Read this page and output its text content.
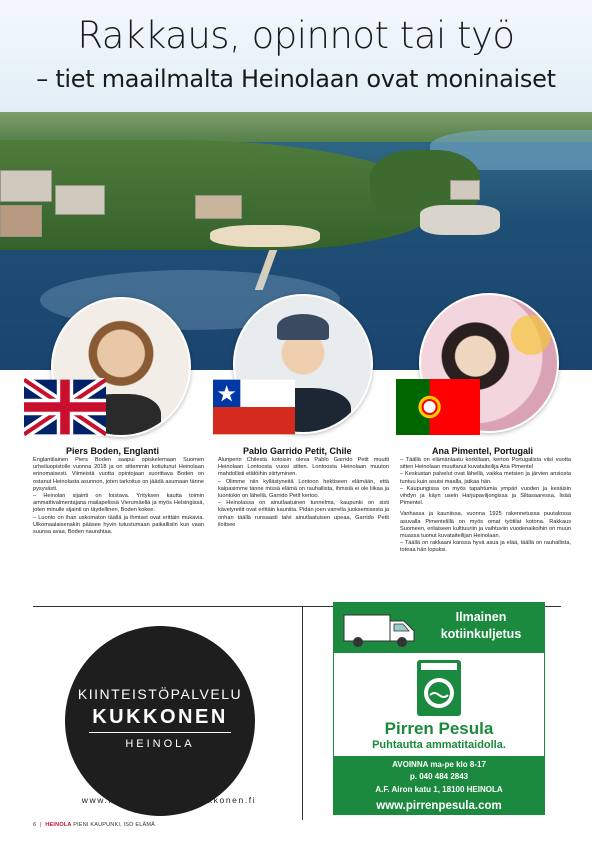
Rakkaus, opinnot tai työ
– tiet maailmalta Heinolaan ovat moninaiset
Piers Boden, Englanti	Pablo Garrido Petit, Chile	Ana Pimentel, Portugali

Englantilainen Piers Boden saapui opiskelemaan Suomen urheiluopistolle vuonna 2018 ja on sittemmin kotiutunut Heinolaan erinomaisesti. Viimeistä vuotta opintojaan suorittava Boden on ostanut Heinolasta asunnon, joten tarkoitus on jäädä asumaan tänne pysyvästi.

– Heinolan sijainti on loistava. Yrityksen kautta toimin ammattivalmentajana mailapelissä Vierumäellä ja myös Helsingissä, joten minulle sijainti on täydellinen, Boden kokee.

– Luonto on ihan uskomaton täällä ja ihmiset ovat erittäin mukavia. Ulkomaalaisenakin pääsee hyvin tutustumaan paikallisiin kun vaan suunsa avaa, Boden naurahtaa.

Alunperin Chilestä kotoisin oleva Pablo Garrido Petit muutti Heinolaan Lontoosta vuosi sitten. Lontoosta Heinolaan muuton mahdollisti etätöihin siirtyminen.

– Olimme niin kyllästyneitä Lontoon hektiseen elämään, että kaipasimme tänne missä elämä on rauhallista, ihmisiä ei ole liikaa ja luontokin on lähellä, Garrido Petit kertoo.

– Heinolassa on ainutlaatuinen tunnelma, kaupunki on sisti kävelyreitit ovat erittäin kauniita. Pidän joen varrella juoksemisesta ja onhan täällä runsaasti talvi ainutlaatuisen upeaa, Garrido Petit iloitsee

– Täällä on elämänlaatu korkillaan, kertoo Portugalista viisi vuotta sitten Heinolaan muuttanut kuvataiteilija Ana Pimentel

– Keskustan palvelut ovat lähellä, vaikka metsien ja järvien ansiosta tuntuu kuin asuisi maalla, jatkaa hän.

– Kaupungissa on myös tapahtumia ympäri vuoden ja kesäisin vihdyn ja käyn usein Harjupaviljongissa ja Siltasaaressa, lisää Pimentel.

Vanhassa ja kauniissa, vuonna 1925 rakennetussa puutalossa asuvalla Pimentelillä on myös omat työtilat kotona. Rakkaus Suomeen, erilaiseen kulttuuriin ja vaihtuviin vuodenaikoihin on muun muassa tuonut kuvataiteilijan Heinolaan.

– Täällä on rakkaani kanssa hyvä asua ja elää, täällä on rauhallista, toteaa hän lopuksi.

KIINTEISTÖPALVELU
KUKKONEN
HEINOLA
www.kiinteistopalvelukukkonen.fi
Ilmainen kotiinkuljetus
Pirren Pesula
Puhtautta ammatitaidolla.
AVOINNA ma-pe klo 8-17
p. 040 484 2843
A.F. Airon katu 1, 18100 HEINOLA
www.pirrenpesula.com
6 | HEINOLA PIENI KAUPUNKI, ISO ELÄMÄ
